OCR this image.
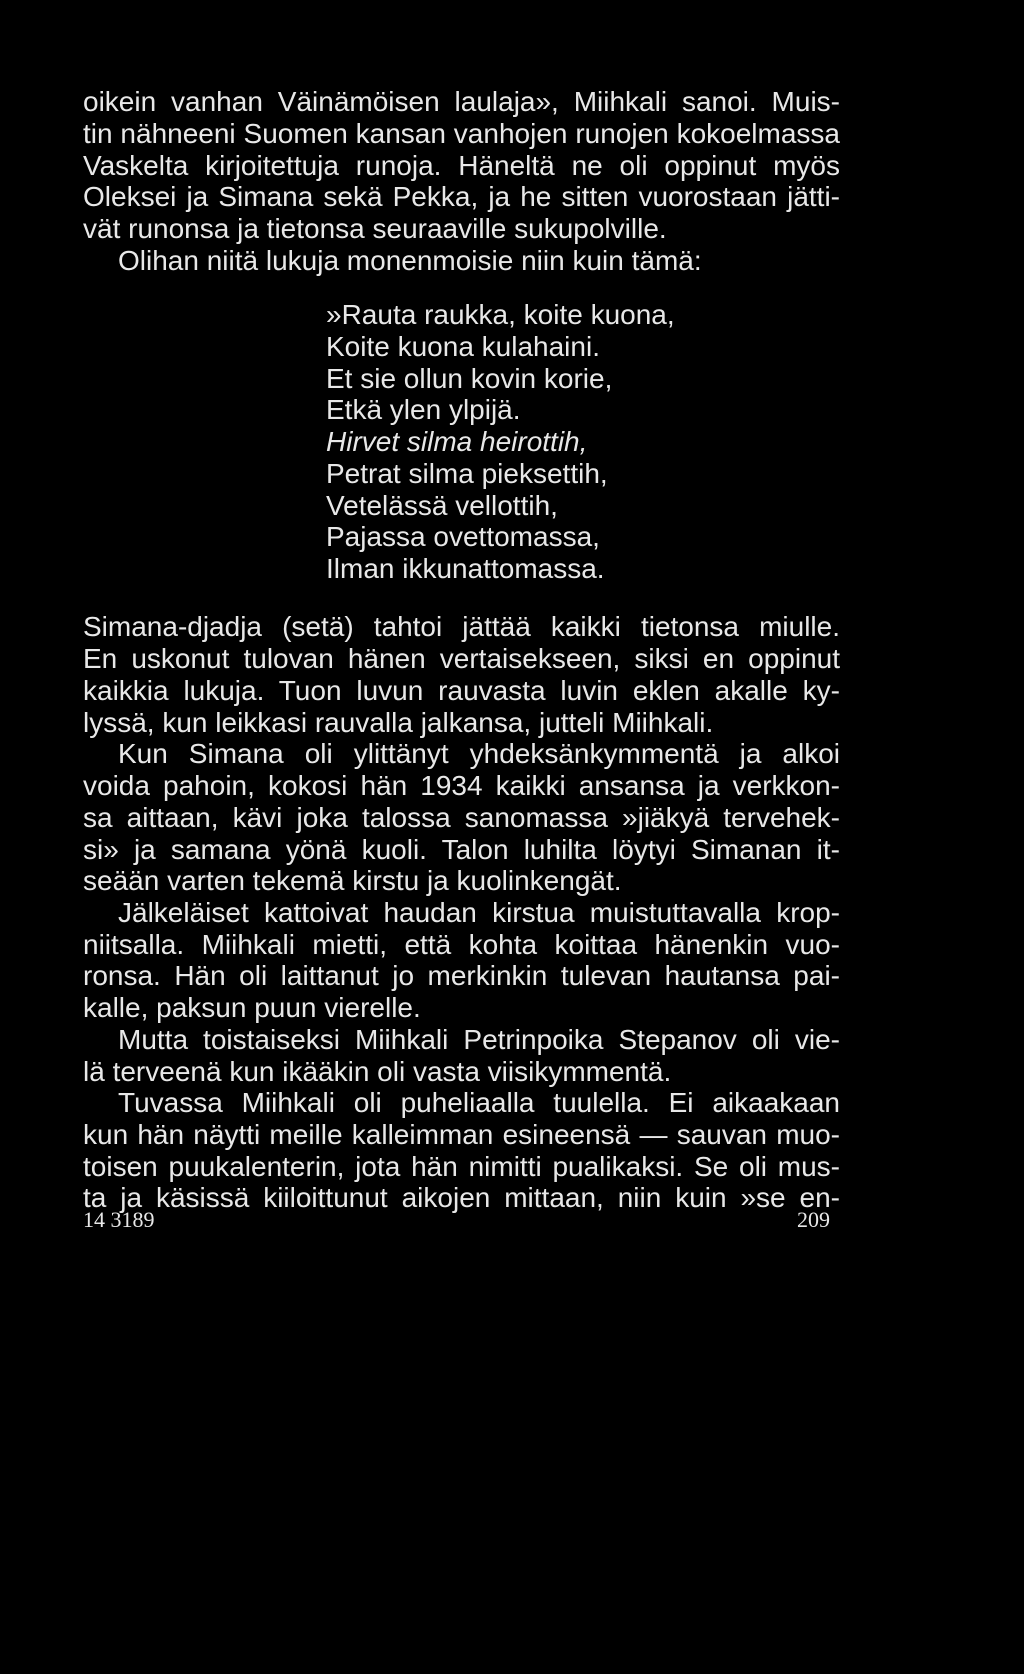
oikein vanhan Väinämöisen laulaja», Miihkali sanoi. Muis-
tin nähneeni Suomen kansan vanhojen runojen kokoelmassa
Vaskelta kirjoitettuja runoja. Häneltä ne oli oppinut myös
Oleksei ja Simana sekä Pekka, ja he sitten vuorostaan jätti-
vät runonsa ja tietonsa seuraaville sukupolville.
Olihan niitä lukuja monenmoisie niin kuin tämä:
»Rauta raukka, koite kuona,
Koite kuona kulahaini.
Et sie ollun kovin korie,
Etkä ylen ylpijä.
Hirvet silma heirottih,
Petrat silma pieksettih,
Vetelässä vellottih,
Pajassa ovettomassa,
Ilman ikkunattomassa.
Simana-djadja (setä) tahtoi jättää kaikki tietonsa miulle.
En uskonut tulovan hänen vertaisekseen, siksi en oppinut
kaikkia lukuja. Tuon luvun rauvasta luvin eklen akalle ky-
lyssä, kun leikkasi rauvalla jalkansa, jutteli Miihkali.
Kun Simana oli ylittänyt yhdeksänkymmentä ja alkoi
voida pahoin, kokosi hän 1934 kaikki ansansa ja verkkon-
sa aittaan, kävi joka talossa sanomassa »jiäkyä tervehek-
si» ja samana yönä kuoli. Talon luhilta löytyi Simanan it-
seään varten tekemä kirstu ja kuolinkengät.
Jälkeläiset kattoivat haudan kirstua muistuttavalla krop-
niitsalla. Miihkali mietti, että kohta koittaa hänenkin vuo-
ronsa. Hän oli laittanut jo merkinkin tulevan hautansa pai-
kalle, paksun puun vierelle.
Mutta toistaiseksi Miihkali Petrinpoika Stepanov oli vie-
lä terveenä kun ikääkin oli vasta viisikymmentä.
Tuvassa Miihkali oli puheliaalla tuulella. Ei aikaakaan
kun hän näytti meille kalleimman esineensä — sauvan muo-
toisen puukalenterin, jota hän nimitti pualikaksi. Se oli mus-
ta ja käsissä kiiloittunut aikojen mittaan, niin kuin »se en-
14 3189	209
